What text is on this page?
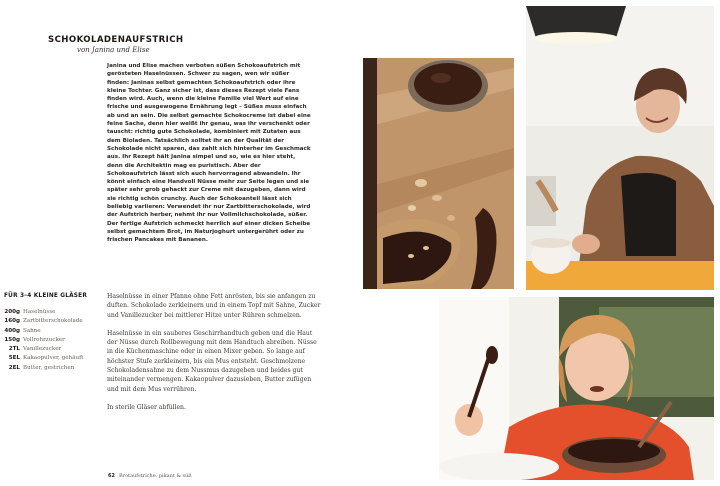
SCHOKOLADENAUFSTRICH
von Janina und Elise
Janina und Elise machen verboten süßen Schokoaufstrich mit gerösteten Haselnüssen. Schwer zu sagen, wen wir süßer finden: Janinas selbst gemachten Schokoaufstrich oder ihre kleine Tochter. Ganz sicher ist, dass dieses Rezept viele Fans finden wird. Auch, wenn die kleine Familie viel Wert auf eine frische und ausgewogene Ernährung legt – Süßes muss einfach ab und an sein. Die selbst gemachte Schokocreme ist dabei eine feine Sache, denn hier weißt ihr genau, was ihr verschenkt oder tauscht: richtig gute Schokolade, kombiniert mit Zutaten aus dem Bioladen. Tatsächlich solltet ihr an der Qualität der Schokolade nicht sparen, das zahlt sich hinterher im Geschmack aus. Ihr Rezept hält Janina simpel und so, wie es hier steht, denn die Architektin mag es puristisch. Aber der Schokoaufstrich lässt sich auch hervorragend abwandeln. Ihr könnt einfach eine Handvoll Nüsse mehr zur Seite legen und sie später sehr grob gehackt zur Creme mit dazugeben, dann wird sie richtig schön crunchy. Auch der Schokoanteil lässt sich beliebig variieren: Verwendet ihr nur Zartbitterschokolade, wird der Aufstrich herber, nehmt ihr nur Vollmilchschokolade, süßer. Der fertige Aufstrich schmeckt herrlich auf einer dicken Scheibe selbst gemachtem Brot, im Naturjoghurt untergerührt oder zu frischen Pancakes mit Bananen.
FÜR 3–4 KLEINE GLÄSER
200g Haselnüsse
160g Zartbitterschokolade
400g Sahne
150g Vollrohrzucker
2TL Vanillezucker
5EL Kakaopulver, gehäuft
2EL Butter, gestrichen

Haselnüsse in einer Pfanne ohne Fett anrösten, bis sie anfangen zu duften. Schokolade zerkleinern und in einem Topf mit Sahne, Zucker und Vanillezucker bei mittlerer Hitze unter Rühren schmelzen.

Haselnüsse in ein sauberes Geschirrhandtuch geben und die Haut der Nüsse durch Rollbewegung mit dem Handtuch abreiben. Nüsse in die Küchenmaschine oder in einen Mixer geben. So lange auf höchster Stufe zerkleinern, bis ein Mus entsteht. Geschmolzene Schokoladensahne zu dem Nussmus dazugeben und beides gut miteinander vermengen. Kakaopulver dazusieben, Butter zufügen und mit dem Mus verrühren.

In sterile Gläser abfüllen.

62 Brotaufstriche, pikant & süß
